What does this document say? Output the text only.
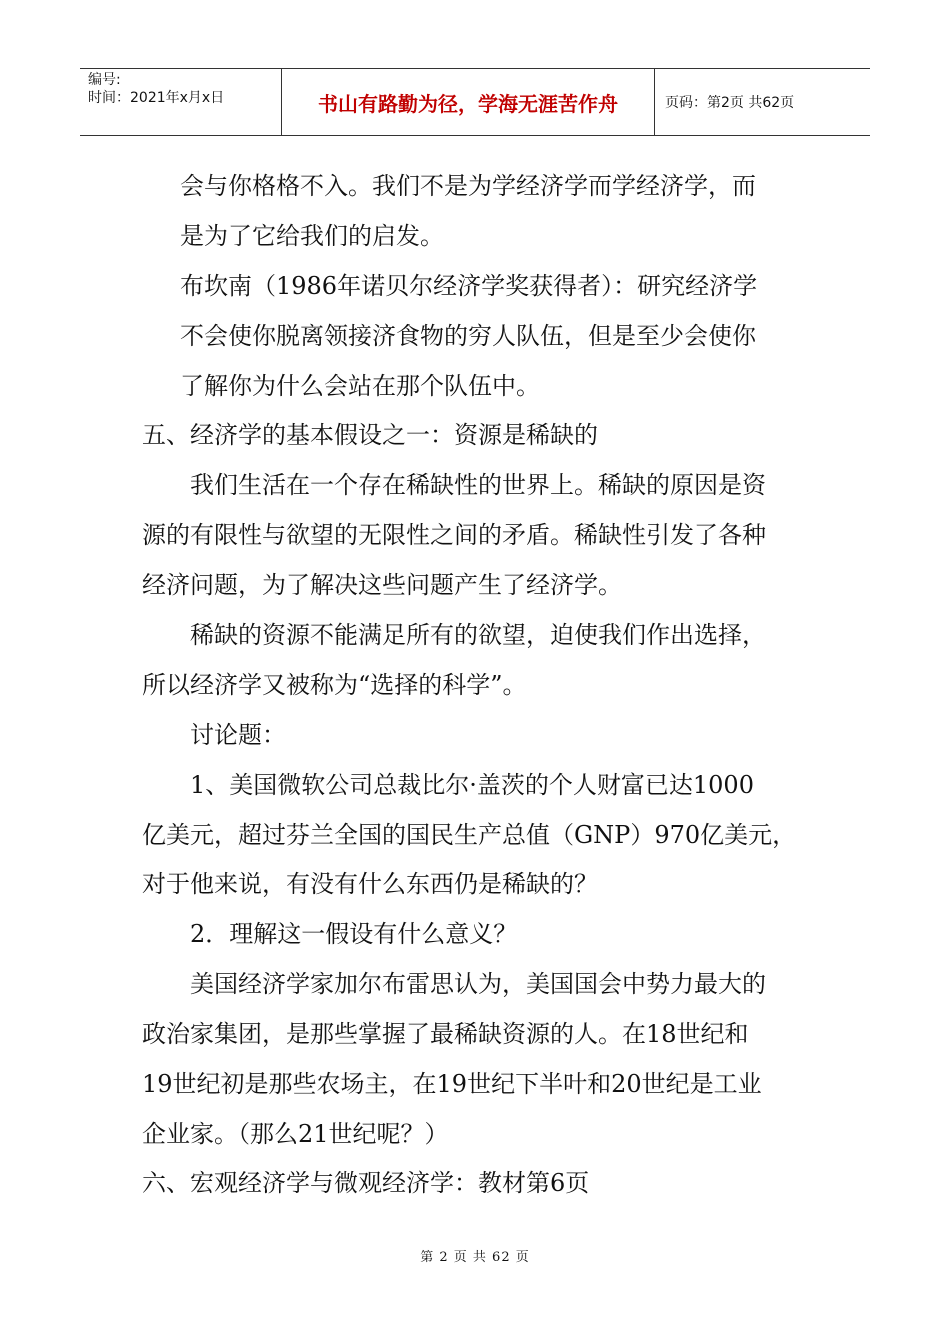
编号:
时间：2021年x月x日	书山有路勤为径，学海无涯苦作舟	页码：第2页 共62页
会与你格格不入。我们不是为学经济学而学经济学，而
是为了它给我们的启发。
布坎南（1986年诺贝尔经济学奖获得者）：研究经济学
不会使你脱离领接济食物的穷人队伍，但是至少会使你
了解你为什么会站在那个队伍中。
五、经济学的基本假设之一：资源是稀缺的
我们生活在一个存在稀缺性的世界上。稀缺的原因是资
源的有限性与欲望的无限性之间的矛盾。稀缺性引发了各种
经济问题，为了解决这些问题产生了经济学。
稀缺的资源不能满足所有的欲望，迫使我们作出选择，
所以经济学又被称为“选择的科学”。
讨论题：
1、美国微软公司总裁比尔·盖茨的个人财富已达1000
亿美元，超过芬兰全国的国民生产总值（GNP）970亿美元，
对于他来说，有没有什么东西仍是稀缺的？
2．理解这一假设有什么意义？
美国经济学家加尔布雷思认为，美国国会中势力最大的
政治家集团，是那些掌握了最稀缺资源的人。在18世纪和
19世纪初是那些农场主，在19世纪下半叶和20世纪是工业
企业家。（那么21世纪呢？）
六、宏观经济学与微观经济学：教材第6页
第 2 页 共 62 页
